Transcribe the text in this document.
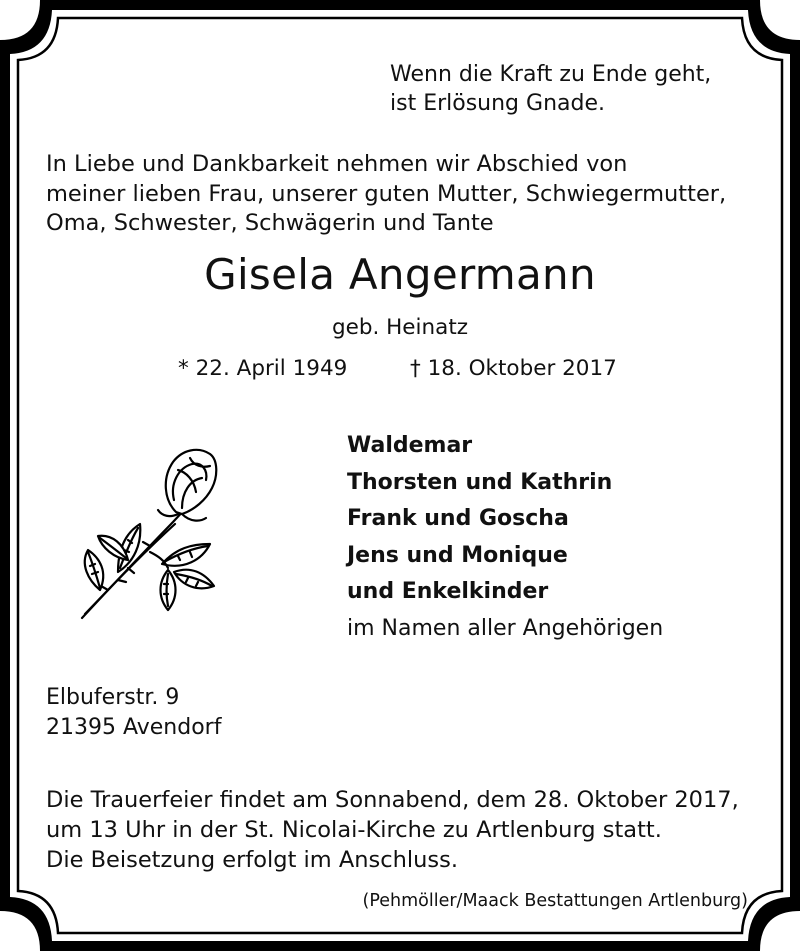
Wenn die Kraft zu Ende geht,
ist Erlösung Gnade.
In Liebe und Dankbarkeit nehmen wir Abschied von
meiner lieben Frau, unserer guten Mutter, Schwiegermutter,
Oma, Schwester, Schwägerin und Tante
Gisela Angermann
geb. Heinatz
* 22. April 1949	† 18. Oktober 2017
Waldemar
Thorsten und Kathrin
Frank und Goscha
Jens und Monique
und Enkelkinder
im Namen aller Angehörigen
Elbuferstr. 9
21395 Avendorf
Die Trauerfeier findet am Sonnabend, dem 28. Oktober 2017,
um 13 Uhr in der St. Nicolai-Kirche zu Artlenburg statt.
Die Beisetzung erfolgt im Anschluss.
(Pehmöller/Maack Bestattungen Artlenburg)
